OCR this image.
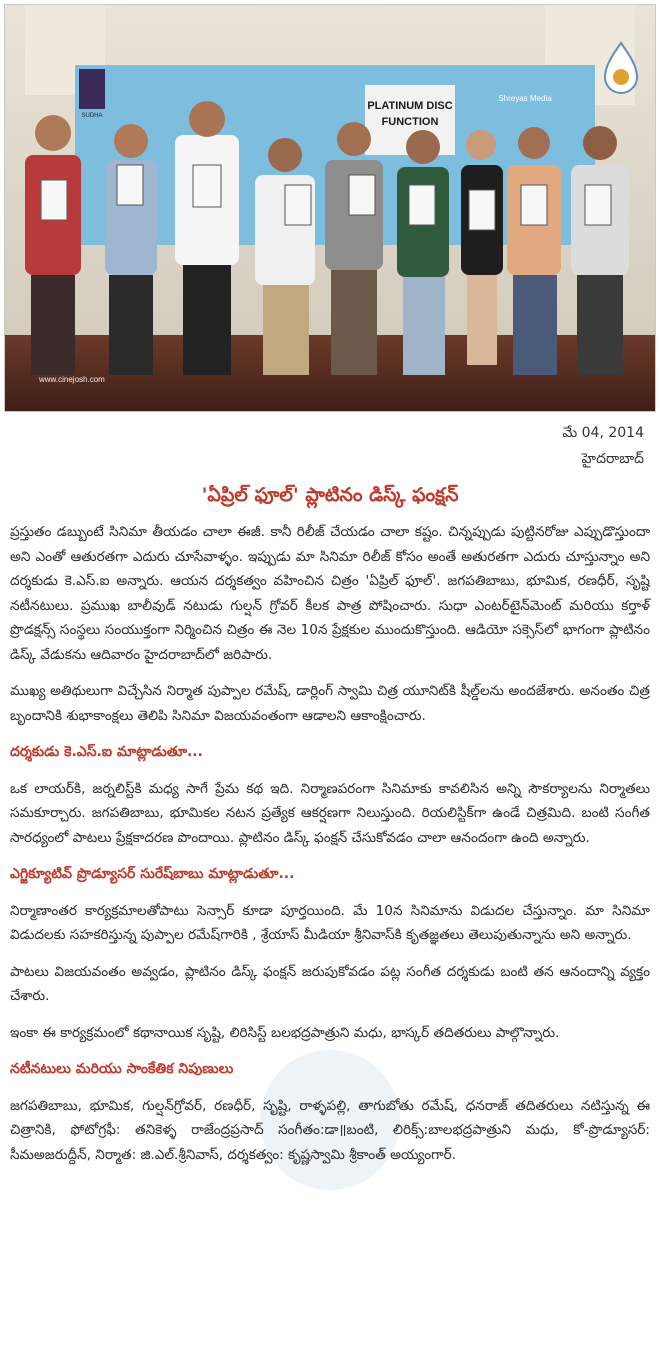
PLATINUM DISC
FUNCTION
SUDHA
Shreyas Media
www.cinejosh.com
మే 04, 2014
హైదరాబాద్
'ఏప్రిల్ ఫూల్' ప్లాటినం డిస్క్ ఫంక్షన్

ప్రస్తుతం డబ్బుంటే సినిమా తీయడం చాలా ఈజీ. కానీ రిలీజ్ చేయడం చాలా కష్టం. చిన్నప్పుడు పుట్టినరోజు ఎప్పుడొస్తుందా అని ఎంతో ఆతురతగా ఎదురు చూసేవాళ్ళం. ఇప్పుడు మా సినిమా రిలీజ్ కోసం అంతే అతురతగా ఎదురు చూస్తున్నాం అని దర్శకుడు కె.ఎస్.ఐ అన్నారు. ఆయన దర్శకత్వం వహించిన చిత్రం 'ఏప్రిల్ ఫూల్'. జగపతిబాబు, భూమిక, రణధీర్, సృష్టి నటీనటులు. ప్రముఖ బాలీవుడ్ నటుడు గుల్షన్ గ్రోవర్ కీలక పాత్ర పోషించారు. సుధా ఎంటర్‌టైన్‌మెంట్ మరియు కర్తాళ్ ప్రొడక్షన్స్ సంస్థలు సంయుక్తంగా నిర్మించిన చిత్రం ఈ నెల 10న ప్రేక్షకుల ముందుకొస్తుంది. ఆడియో సక్సెస్‌లో భాగంగా ప్లాటినం డిస్క్ వేడుకను ఆదివారం హైదరాబాద్‌లో జరిపారు.

ముఖ్య అతిథులుగా విచ్చేసిన నిర్మాత పుప్పాల రమేష్, డార్లింగ్ స్వామి చిత్ర యూనిట్‌కి షీల్డ్‌లను అందజేశారు. అనంతం చిత్ర బృందానికి శుభాకాంక్షలు తెలిపి సినిమా విజయవంతంగా ఆడాలని ఆకాంక్షించారు.

దర్శకుడు కె.ఎస్.ఐ మాట్లాడుతూ...

ఒక లాయర్‌కి, జర్నలిస్ట్‌కి మధ్య సాగే ప్రేమ కథ ఇది. నిర్మాణపరంగా సినిమాకు కావలిసిన అన్ని సౌకర్యాలను నిర్మాతలు సమకూర్చారు. జగపతిబాబు, భూమికల నటన ప్రత్యేక ఆకర్షణగా నిలుస్తుంది. రియలిస్టిక్‌గా ఉండే చిత్రమిది. బంటి సంగీత సారధ్యంలో పాటలు ప్రేక్షకాదరణ పొందాయి. ప్లాటినం డిస్క్ ఫంక్షన్ చేసుకోవడం చాలా ఆనందంగా ఉంది అన్నారు.

ఎగ్జిక్యూటివ్ ప్రొడ్యూసర్ సురేష్‌బాబు మాట్లాడుతూ...

నిర్మాణాంతర కార్యక్రమాలతోపాటు సెన్సార్ కూడా పూర్తయింది. మే 10న సినిమాను విడుదల చేస్తున్నాం. మా సినిమా విడుదలకు సహకరిస్తున్న పుప్పాల రమేష్‌గారికి , శ్రేయాస్ మీడియా శ్రీనివాస్‌కి కృతజ్ఞతలు తెలుపుతున్నాను అని అన్నారు.

పాటలు విజయవంతం అవ్వడం, ప్లాటినం డిస్క్ ఫంక్షన్ జరుపుకోవడం పట్ల సంగీత దర్శకుడు బంటి తన ఆనందాన్ని వ్యక్తం చేశారు.

ఇంకా ఈ కార్యక్రమంలో కథానాయిక సృష్టి, లిరిసిస్ట్ బలభద్రపాత్రుని మధు, భాస్కర్ తదితరులు పాల్గొన్నారు.

నటీనటులు మరియు సాంకేతిక నిపుణులు

జగపతిబాబు, భూమిక, గుల్షన్‌గ్రోవర్, రణధీర్, సృష్టి, రాళ్ళపల్లి, తాగుబోతు రమేష్, ధనరాజ్ తదితరులు నటిస్తున్న ఈ చిత్రానికి, ఫోటోగ్రఫీ: తనికెళ్ళ రాజేంద్రప్రసాద్ సంగీతం:డా॥బంటి, లిరిక్స్:బాలభద్రపాత్రుని మధు, కో-ప్రొడ్యూసర్: సీమఅజరుద్దీన్, నిర్మాత: జి.ఎల్.శ్రీనివాస్, దర్శకత్వం: కృష్ణస్వామి శ్రీకాంత్ అయ్యంగార్.
